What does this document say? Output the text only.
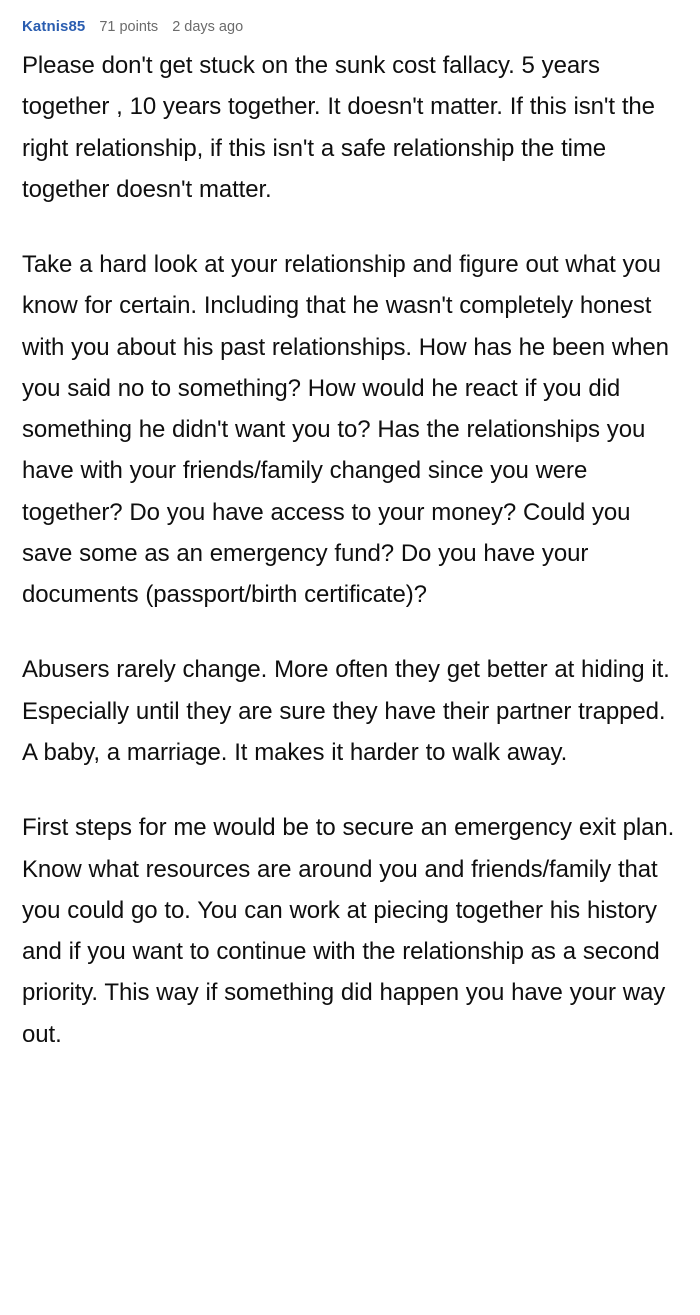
Katnis85 71 points 2 days ago

Please don't get stuck on the sunk cost fallacy. 5 years together , 10 years together. It doesn't matter. If this isn't the right relationship, if this isn't a safe relationship the time together doesn't matter.

Take a hard look at your relationship and figure out what you know for certain. Including that he wasn't completely honest with you about his past relationships. How has he been when you said no to something? How would he react if you did something he didn't want you to? Has the relationships you have with your friends/family changed since you were together? Do you have access to your money? Could you save some as an emergency fund? Do you have your documents (passport/birth certificate)?

Abusers rarely change. More often they get better at hiding it. Especially until they are sure they have their partner trapped. A baby, a marriage. It makes it harder to walk away.

First steps for me would be to secure an emergency exit plan. Know what resources are around you and friends/family that you could go to. You can work at piecing together his history and if you want to continue with the relationship as a second priority. This way if something did happen you have your way out.
